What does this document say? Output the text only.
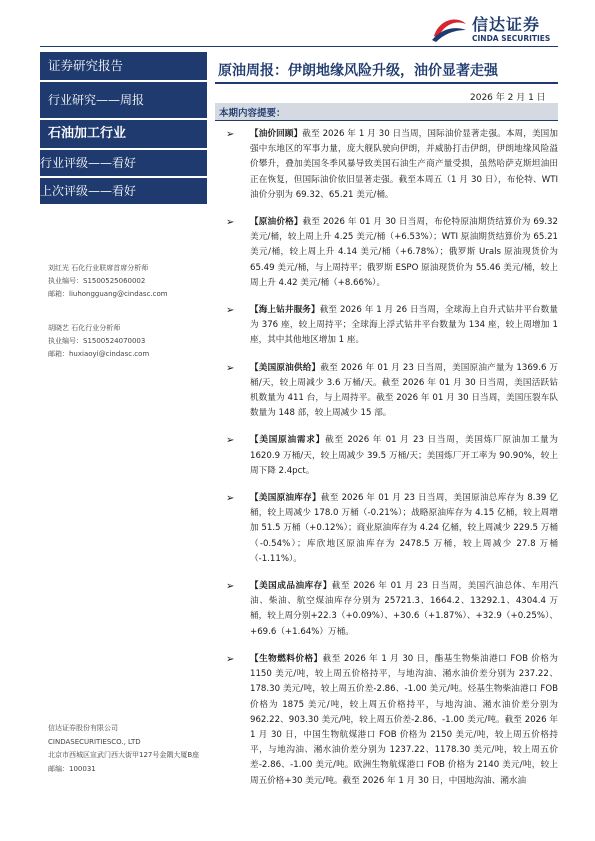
信达证券
CINDA SECURITIES
证券研究报告
行业研究——周报
石油加工行业
行业评级——看好
上次评级——看好
刘红光 石化行业联席首席分析师
执业编号：S1500525060002
邮箱：liuhongguang@cindasc.com
胡晓艺 石化行业分析师
执业编号：S1500524070003
邮箱：huxiaoyi@cindasc.com
信达证券股份有限公司
CINDASECURITIESCO., LTD
北京市西城区宣武门西大街甲127号金隅大厦B座
邮编：100031
原油周报：伊朗地缘风险升级，油价显著走强
2026 年 2 月 1 日
本期内容提要：
➢ 【油价回顾】截至 2026 年 1 月 30 日当周，国际油价显著走强。本周，美国加强中东地区的军事力量，庞大舰队驶向伊朗，并威胁打击伊朗，伊朗地缘风险溢价攀升，叠加美国冬季风暴导致美国石油生产商产量受损，虽然哈萨克斯坦油田正在恢复，但国际油价依旧显著走强。截至本周五（1 月 30 日），布伦特、WTI 油价分别为 69.32、65.21 美元/桶。
➢ 【原油价格】截至 2026 年 01 月 30 日当周，布伦特原油期货结算价为 69.32 美元/桶，较上周上升 4.25 美元/桶（+6.53%）；WTI 原油期货结算价为 65.21 美元/桶，较上周上升 4.14 美元/桶（+6.78%）；俄罗斯 Urals 原油现货价为 65.49 美元/桶，与上周持平；俄罗斯 ESPO 原油现货价为 55.46 美元/桶，较上周上升 4.42 美元/桶（+8.66%）。
➢ 【海上钻井服务】截至 2026 年 1 月 26 日当周，全球海上自升式钻井平台数量为 376 座，较上周持平；全球海上浮式钻井平台数量为 134 座，较上周增加 1 座，其中其他地区增加 1 座。
➢ 【美国原油供给】截至 2026 年 01 月 23 日当周，美国原油产量为 1369.6 万桶/天，较上周减少 3.6 万桶/天。截至 2026 年 01 月 30 日当周，美国活跃钻机数量为 411 台，与上周持平。截至 2026 年 01 月 30 日当周，美国压裂车队数量为 148 部，较上周减少 15 部。
➢ 【美国原油需求】截至 2026 年 01 月 23 日当周，美国炼厂原油加工量为 1620.9 万桶/天，较上周减少 39.5 万桶/天；美国炼厂开工率为 90.90%，较上周下降 2.4pct。
➢ 【美国原油库存】截至 2026 年 01 月 23 日当周，美国原油总库存为 8.39 亿桶，较上周减少 178.0 万桶（-0.21%）；战略原油库存为 4.15 亿桶，较上周增加 51.5 万桶（+0.12%）；商业原油库存为 4.24 亿桶，较上周减少 229.5 万桶（-0.54%）；库欣地区原油库存为 2478.5 万桶，较上周减少 27.8 万桶（-1.11%）。
➢ 【美国成品油库存】截至 2026 年 01 月 23 日当周，美国汽油总体、车用汽油、柴油、航空煤油库存分别为 25721.3、1664.2、13292.1、4304.4 万桶，较上周分别+22.3（+0.09%）、+30.6（+1.87%）、+32.9（+0.25%）、+69.6（+1.64%）万桶。
➢ 【生物燃料价格】截至 2026 年 1 月 30 日，酯基生物柴油港口 FOB 价格为 1150 美元/吨，较上周五价格持平，与地沟油、潲水油价差分别为 237.22、178.30 美元/吨，较上周五价差-2.86、-1.00 美元/吨。烃基生物柴油港口 FOB 价格为 1875 美元/吨，较上周五价格持平，与地沟油、潲水油价差分别为 962.22、903.30 美元/吨，较上周五价差-2.86、-1.00 美元/吨。截至 2026 年 1 月 30 日，中国生物航煤港口 FOB 价格为 2150 美元/吨，较上周五价格持平，与地沟油、潲水油价差分别为 1237.22、1178.30 美元/吨，较上周五价差-2.86、-1.00 美元/吨。欧洲生物航煤港口 FOB 价格为 2140 美元/吨，较上周五价格+30 美元/吨。截至 2026 年 1 月 30 日，中国地沟油、潲水油
